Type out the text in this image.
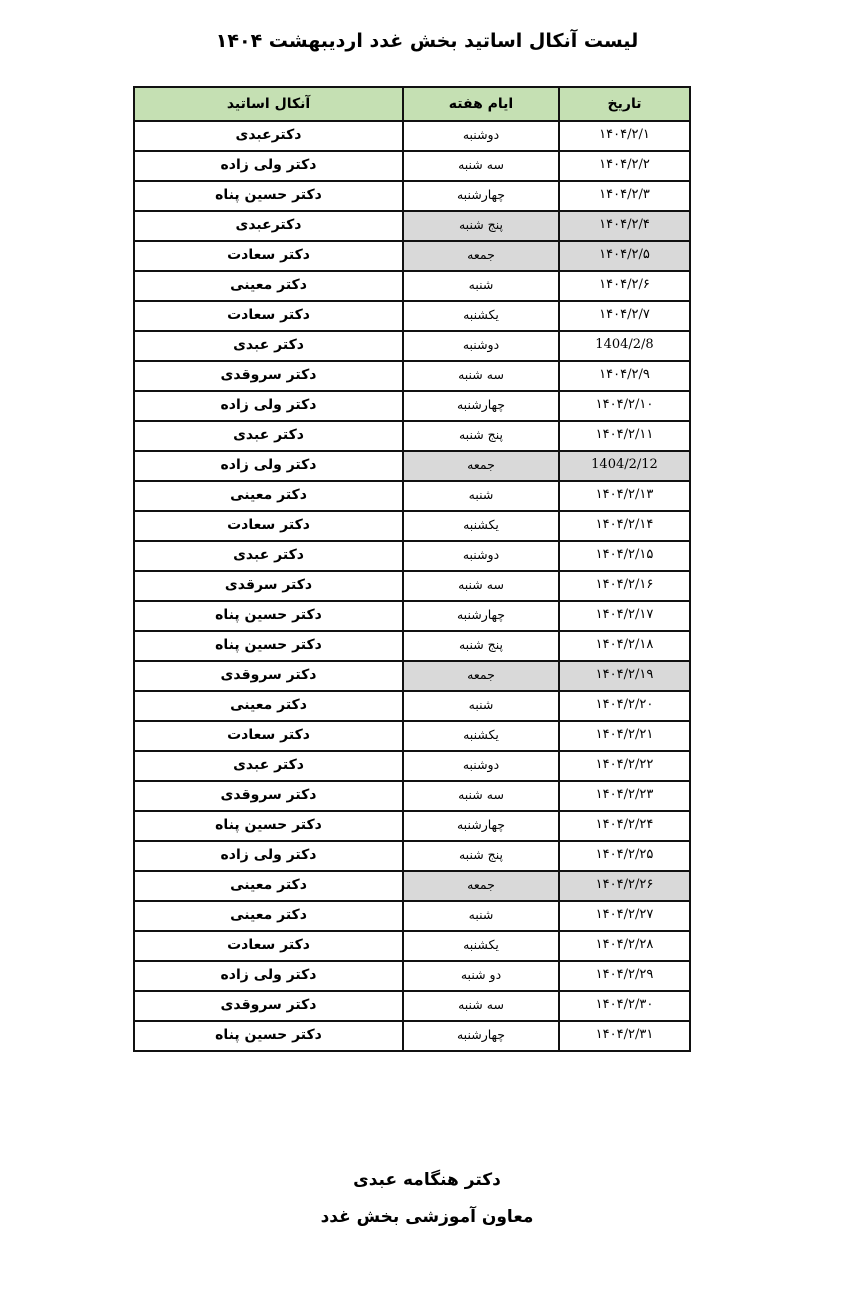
لیست آنکال اساتید بخش غدد اردیبهشت ۱۴۰۴
تاریخ	ایام هفته	آنکال اساتید
۱۴۰۴/۲/۱	دوشنبه	دکترعبدی
۱۴۰۴/۲/۲	سه شنبه	دکتر ولی زاده
۱۴۰۴/۲/۳	چهارشنبه	دکتر حسین پناه
۱۴۰۴/۲/۴	پنج شنبه	دکترعبدی
۱۴۰۴/۲/۵	جمعه	دکتر سعادت
۱۴۰۴/۲/۶	شنبه	دکتر معینی
۱۴۰۴/۲/۷	یکشنبه	دکتر سعادت
1404/2/8	دوشنبه	دکتر عبدی
۱۴۰۴/۲/۹	سه شنبه	دکتر سروقدی
۱۴۰۴/۲/۱۰	چهارشنبه	دکتر ولی زاده
۱۴۰۴/۲/۱۱	پنج شنبه	دکتر عبدی
1404/2/12	جمعه	دکتر ولی زاده
۱۴۰۴/۲/۱۳	شنبه	دکتر معینی
۱۴۰۴/۲/۱۴	یکشنبه	دکتر سعادت
۱۴۰۴/۲/۱۵	دوشنبه	دکتر عبدی
۱۴۰۴/۲/۱۶	سه شنبه	دکتر سرقدی
۱۴۰۴/۲/۱۷	چهارشنبه	دکتر حسین پناه
۱۴۰۴/۲/۱۸	پنج شنبه	دکتر حسین پناه
۱۴۰۴/۲/۱۹	جمعه	دکتر سروقدی
۱۴۰۴/۲/۲۰	شنبه	دکتر معینی
۱۴۰۴/۲/۲۱	یکشنبه	دکتر سعادت
۱۴۰۴/۲/۲۲	دوشنبه	دکتر عبدی
۱۴۰۴/۲/۲۳	سه شنبه	دکتر سروقدی
۱۴۰۴/۲/۲۴	چهارشنبه	دکتر حسین پناه
۱۴۰۴/۲/۲۵	پنج شنبه	دکتر ولی زاده
۱۴۰۴/۲/۲۶	جمعه	دکتر معینی
۱۴۰۴/۲/۲۷	شنبه	دکتر معینی
۱۴۰۴/۲/۲۸	یکشنبه	دکتر سعادت
۱۴۰۴/۲/۲۹	دو شنبه	دکتر ولی زاده
۱۴۰۴/۲/۳۰	سه شنبه	دکتر سروقدی
۱۴۰۴/۲/۳۱	چهارشنبه	دکتر حسین پناه
دکتر هنگامه عبدی
معاون آموزشی بخش غدد
